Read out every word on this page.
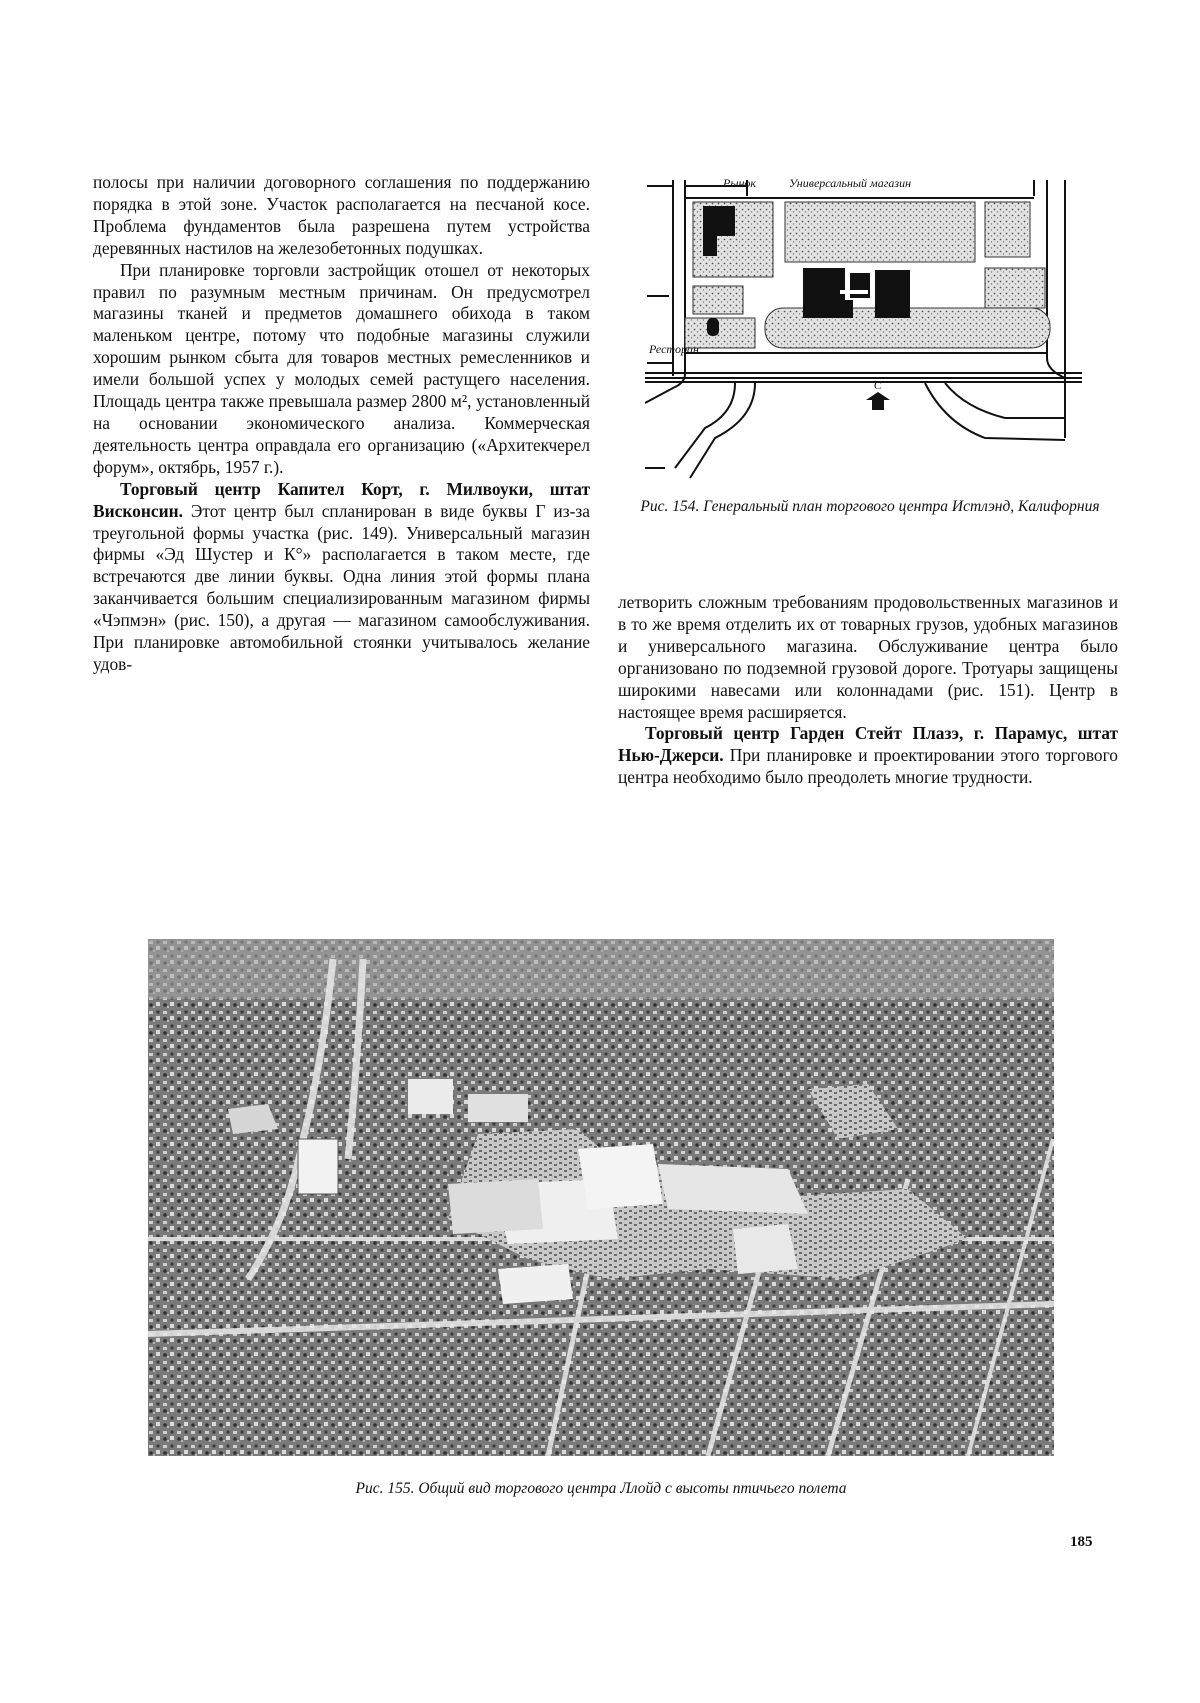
полосы при наличии договорного соглашения по поддержанию порядка в этой зоне. Участок располагается на песчаной косе. Проблема фундаментов была разрешена путем устройства деревянных настилов на железобетонных подушках.

При планировке торговли застройщик отошел от некоторых правил по разумным местным причинам. Он предусмотрел магазины тканей и предметов домашнего обихода в таком маленьком центре, потому что подобные магазины служили хорошим рынком сбыта для товаров местных ремесленников и имели большой успех у молодых семей растущего населения. Площадь центра также превышала размер 2800 м², установленный на основании экономического анализа. Коммерческая деятельность центра оправдала его организацию («Архитекчерел форум», октябрь, 1957 г.).

Торговый центр Капител Корт, г. Милвоуки, штат Висконсин. Этот центр был спланирован в виде буквы Г из-за треугольной формы участка (рис. 149). Универсальный магазин фирмы «Эд Шустер и К°» располагается в таком месте, где встречаются две линии буквы. Одна линия этой формы плана заканчивается большим специализированным магазином фирмы «Чэпмэн» (рис. 150), а другая — магазином самообслуживания. При планировке автомобильной стоянки учитывалось желание удов-

Рынок	Универсальный магазин
Ресторан
С
Рис. 154. Генеральный план торгового центра Истлэнд, Калифорния

летворить сложным требованиям продовольственных магазинов и в то же время отделить их от товарных грузов, удобных магазинов и универсального магазина. Обслуживание центра было организовано по подземной грузовой дороге. Тротуары защищены широкими навесами или колоннадами (рис. 151). Центр в настоящее время расширяется.

Торговый центр Гарден Стейт Плазэ, г. Парамус, штат Нью-Джерси. При планировке и проектировании этого торгового центра необходимо было преодолеть многие трудности.

Рис. 155. Общий вид торгового центра Ллойд с высоты птичьего полета
185
